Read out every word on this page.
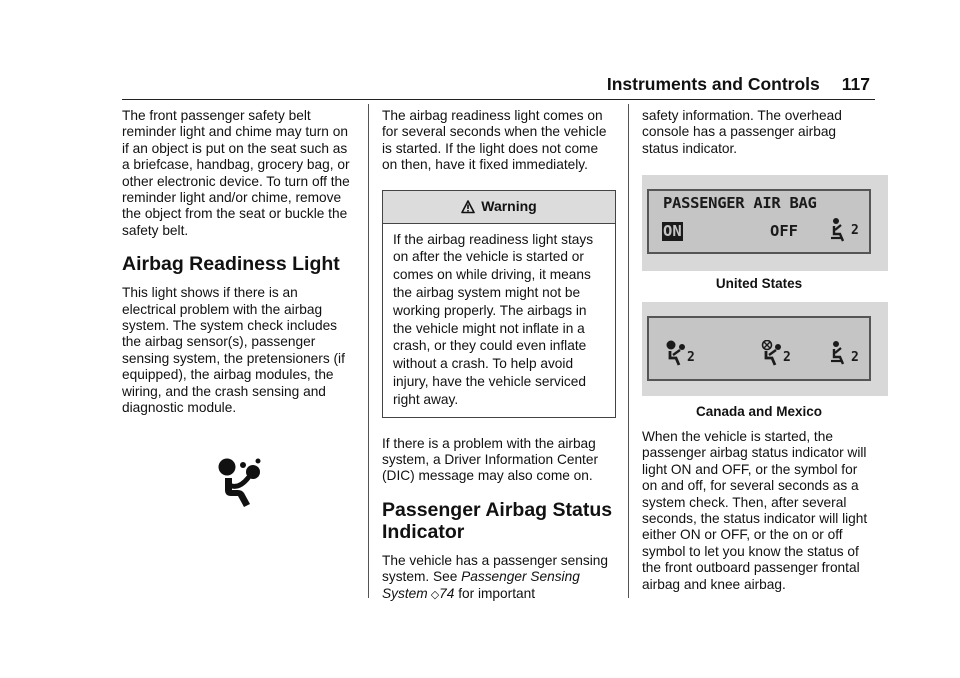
Instruments and Controls 117

The front passenger safety belt reminder light and chime may turn on if an object is put on the seat such as a briefcase, handbag, grocery bag, or other electronic device. To turn off the reminder light and/or chime, remove the object from the seat or buckle the safety belt.

Airbag Readiness Light

This light shows if there is an electrical problem with the airbag system. The system check includes the airbag sensor(s), passenger sensing system, the pretensioners (if equipped), the airbag modules, the wiring, and the crash sensing and diagnostic module.

The airbag readiness light comes on for several seconds when the vehicle is started. If the light does not come on then, have it fixed immediately.

Warning
If the airbag readiness light stays on after the vehicle is started or comes on while driving, it means the airbag system might not be working properly. The airbags in the vehicle might not inflate in a crash, or they could even inflate without a crash. To help avoid injury, have the vehicle serviced right away.

If there is a problem with the airbag system, a Driver Information Center (DIC) message may also come on.

Passenger Airbag Status Indicator

The vehicle has a passenger sensing system. See Passenger Sensing System ◇74 for important

safety information. The overhead console has a passenger airbag status indicator.

PASSENGER AIR BAG
ON	OFF	2
United States
2	2	2
Canada and Mexico

When the vehicle is started, the passenger airbag status indicator will light ON and OFF, or the symbol for on and off, for several seconds as a system check. Then, after several seconds, the status indicator will light either ON or OFF, or the on or off symbol to let you know the status of the front outboard passenger frontal airbag and knee airbag.
